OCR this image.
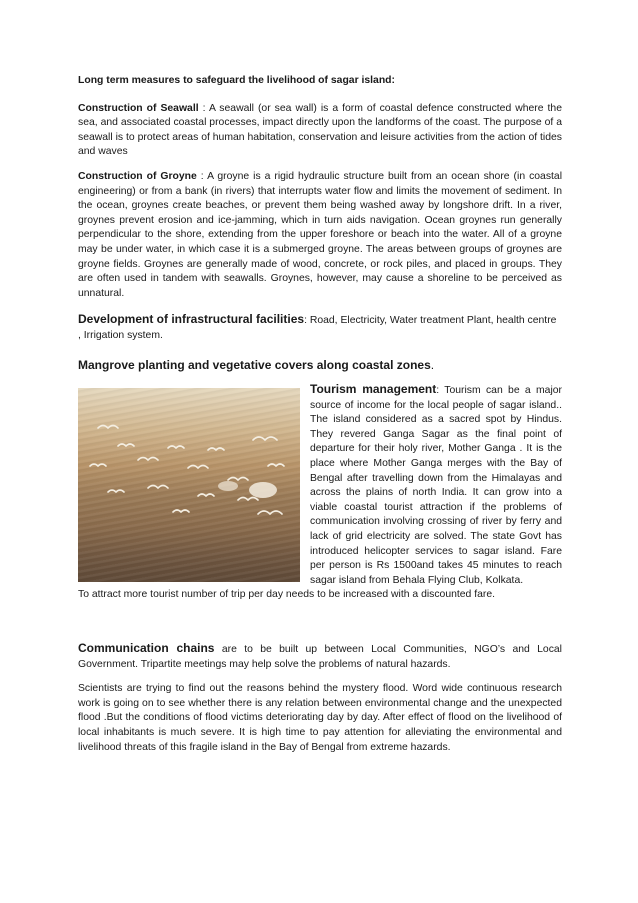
Long term measures to safeguard the livelihood of sagar island:

Construction of Seawall : A seawall (or sea wall) is a form of coastal defence constructed where the sea, and associated coastal processes, impact directly upon the landforms of the coast. The purpose of a seawall is to protect areas of human habitation, conservation and leisure activities from the action of tides and waves

Construction of Groyne : A groyne is a rigid hydraulic structure built from an ocean shore (in coastal engineering) or from a bank (in rivers) that interrupts water flow and limits the movement of sediment. In the ocean, groynes create beaches, or prevent them being washed away by longshore drift. In a river, groynes prevent erosion and ice-jamming, which in turn aids navigation. Ocean groynes run generally perpendicular to the shore, extending from the upper foreshore or beach into the water. All of a groyne may be under water, in which case it is a submerged groyne. The areas between groups of groynes are groyne fields. Groynes are generally made of wood, concrete, or rock piles, and placed in groups. They are often used in tandem with seawalls. Groynes, however, may cause a shoreline to be perceived as unnatural.

Development of infrastructural facilities: Road, Electricity, Water treatment Plant, health centre , Irrigation system.

Mangrove planting and vegetative covers along coastal zones.

Tourism management: Tourism can be a major source of income for the local people of sagar island.. The island considered as a sacred spot by Hindus. They revered Ganga Sagar as the final point of departure for their holy river, Mother Ganga . It is the place where Mother Ganga merges with the Bay of Bengal after travelling down from the Himalayas and across the plains of north India. It can grow into a viable coastal tourist attraction if the problems of communication involving crossing of river by ferry and lack of grid electricity are solved. The state Govt has introduced helicopter services to sagar island. Fare per person is Rs 1500and takes 45 minutes to reach sagar island from Behala Flying Club, Kolkata.

To attract more tourist number of trip per day needs to be increased with a discounted fare.

Communication chains are to be built up between Local Communities, NGO’s and Local Government. Tripartite meetings may help solve the problems of natural hazards.

Scientists are trying to find out the reasons behind the mystery flood. Word wide continuous research work is going on to see whether there is any relation between environmental change and the unexpected flood .But the conditions of flood victims deteriorating day by day. After effect of flood on the livelihood of local inhabitants is much severe. It is high time to pay attention for alleviating the environmental and livelihood threats of this fragile island in the Bay of Bengal from extreme hazards.
